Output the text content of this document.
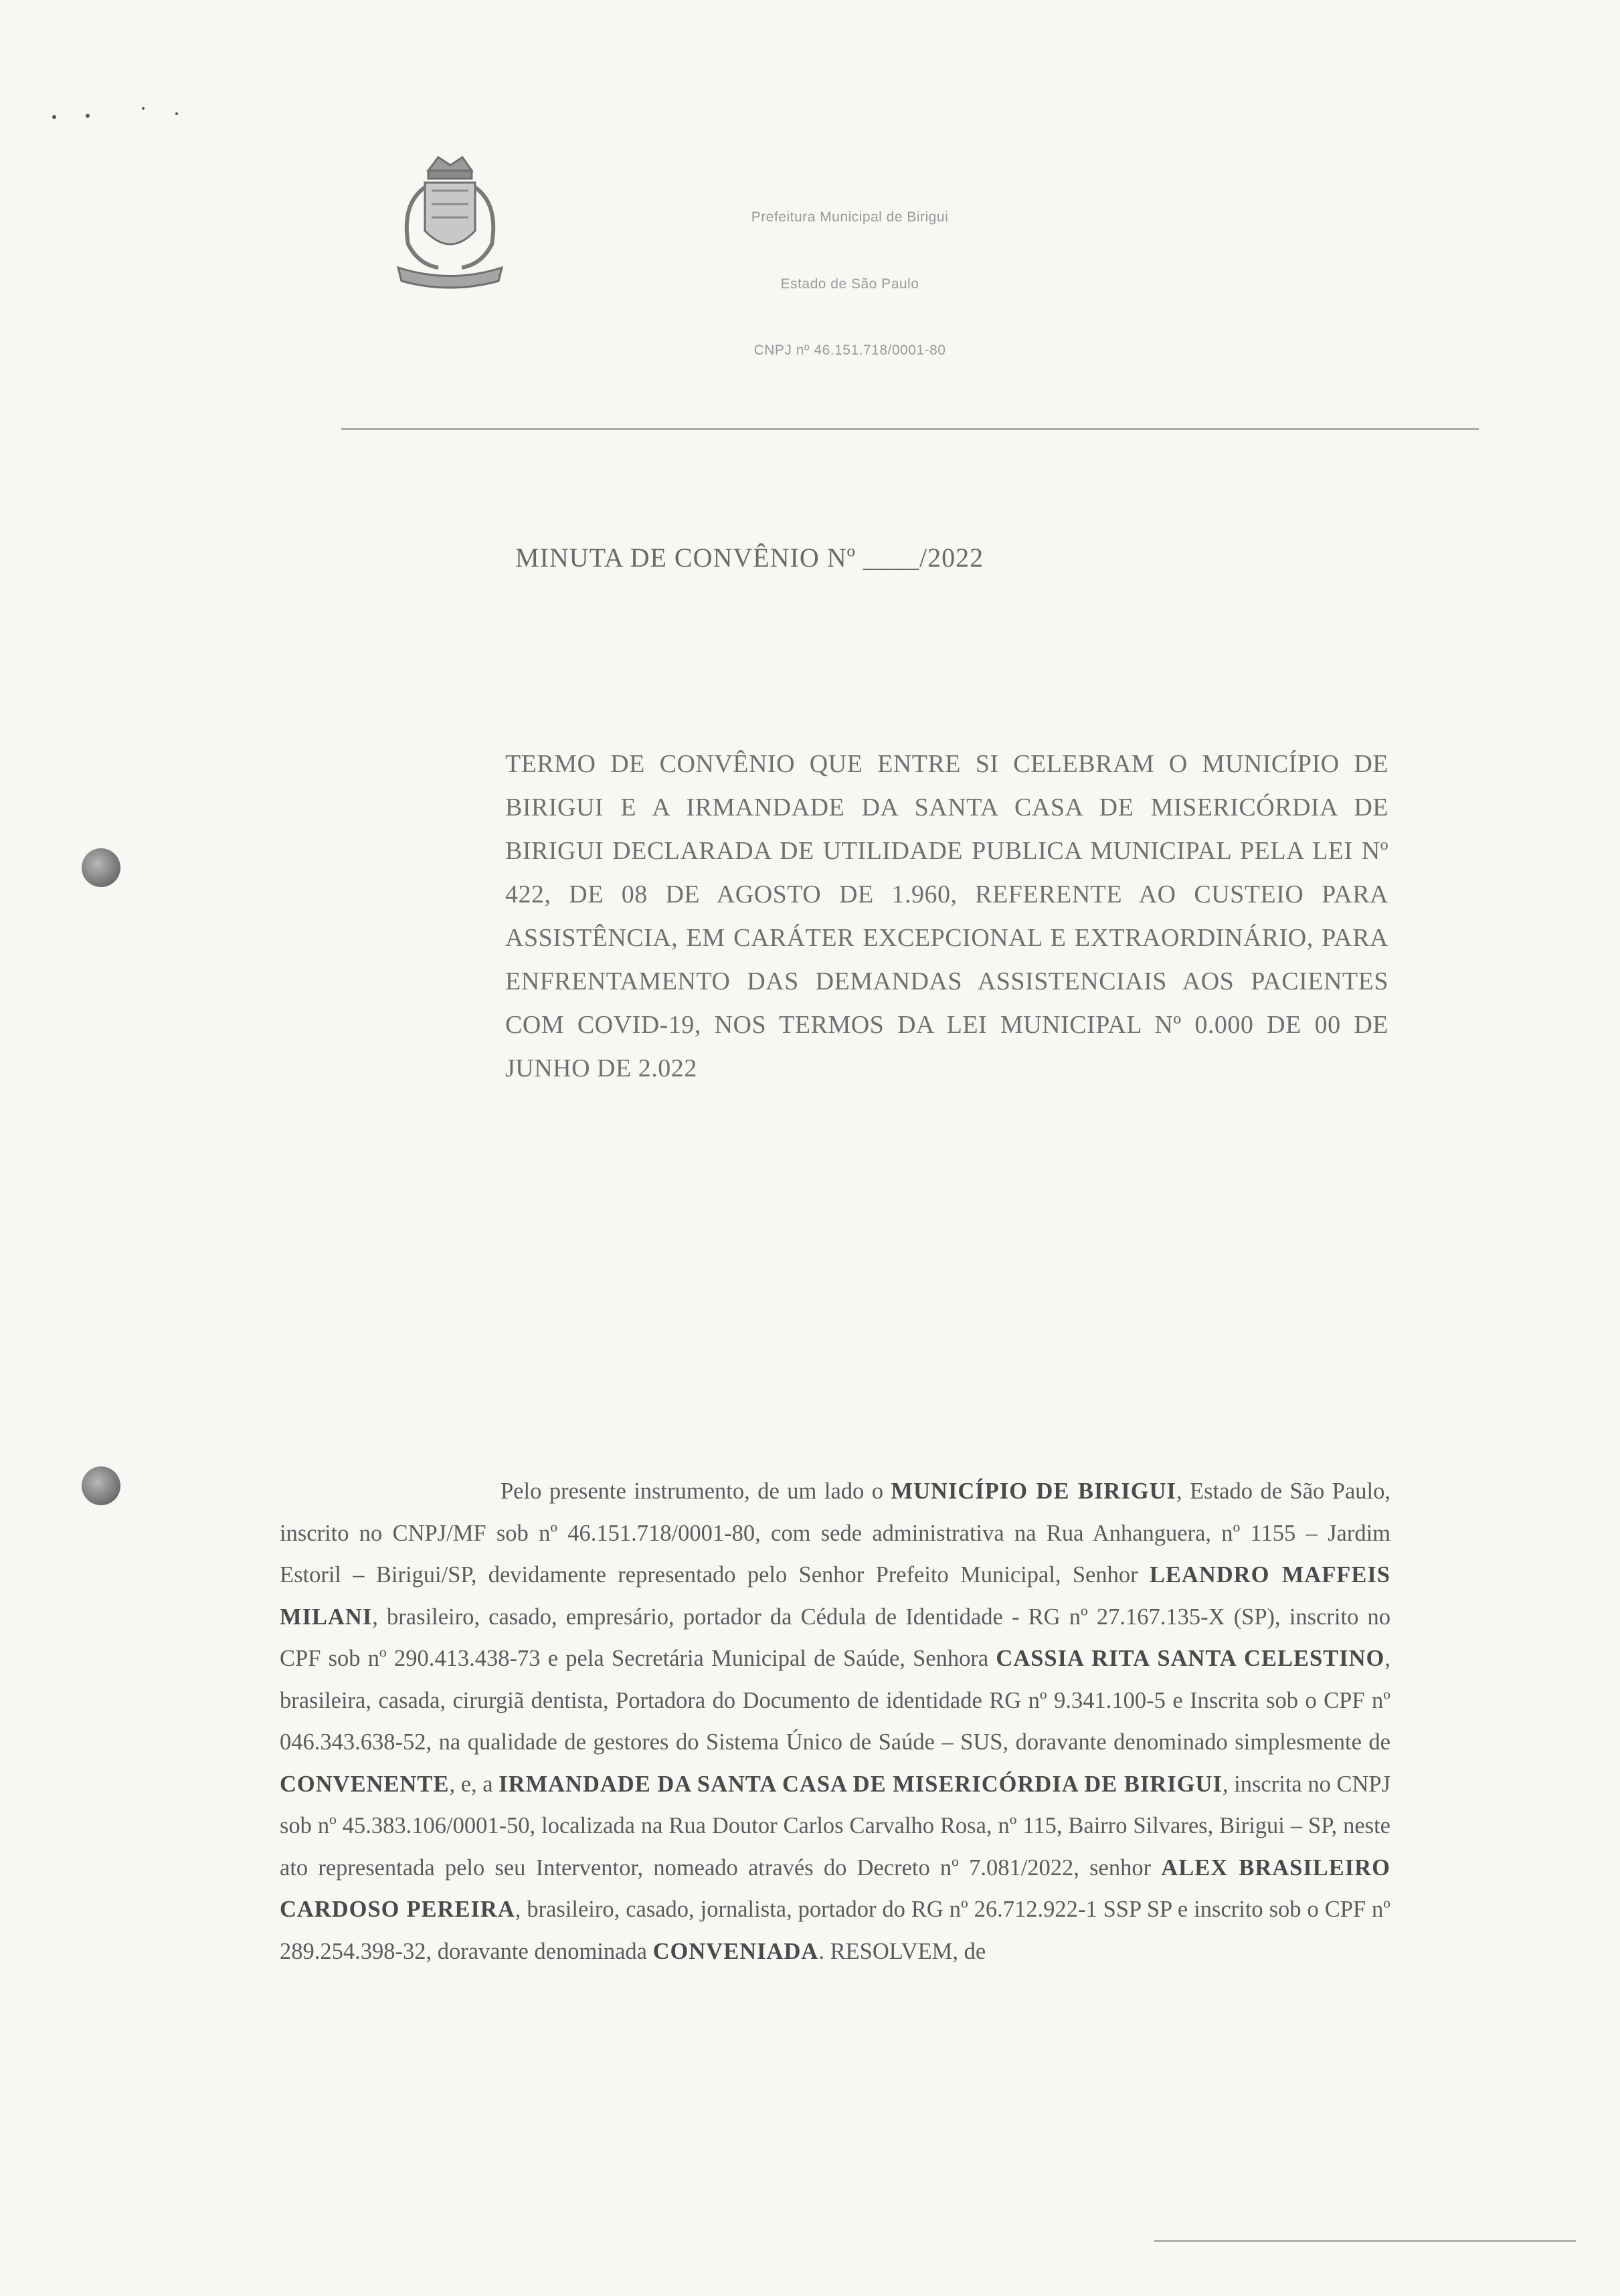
Prefeitura Municipal de Birigui
Estado de São Paulo
CNPJ nº 46.151.718/0001-80
MINUTA DE CONVÊNIO Nº ____/2022
TERMO DE CONVÊNIO QUE ENTRE SI CELEBRAM O MUNICÍPIO DE BIRIGUI E A IRMANDADE DA SANTA CASA DE MISERICÓRDIA DE BIRIGUI DECLARADA DE UTILIDADE PUBLICA MUNICIPAL PELA LEI Nº 422, DE 08 DE AGOSTO DE 1.960, REFERENTE AO CUSTEIO PARA ASSISTÊNCIA, EM CARÁTER EXCEPCIONAL E EXTRAORDINÁRIO, PARA ENFRENTAMENTO DAS DEMANDAS ASSISTENCIAIS AOS PACIENTES COM COVID-19, NOS TERMOS DA LEI MUNICIPAL Nº 0.000 DE 00 DE JUNHO DE 2.022
Pelo presente instrumento, de um lado o MUNICÍPIO DE BIRIGUI, Estado de São Paulo, inscrito no CNPJ/MF sob nº 46.151.718/0001-80, com sede administrativa na Rua Anhanguera, nº 1155 – Jardim Estoril – Birigui/SP, devidamente representado pelo Senhor Prefeito Municipal, Senhor LEANDRO MAFFEIS MILANI, brasileiro, casado, empresário, portador da Cédula de Identidade - RG nº 27.167.135-X (SP), inscrito no CPF sob nº 290.413.438-73 e pela Secretária Municipal de Saúde, Senhora CASSIA RITA SANTA CELESTINO, brasileira, casada, cirurgiã dentista, Portadora do Documento de identidade RG nº 9.341.100-5 e Inscrita sob o CPF nº 046.343.638-52, na qualidade de gestores do Sistema Único de Saúde – SUS, doravante denominado simplesmente de CONVENENTE, e, a IRMANDADE DA SANTA CASA DE MISERICÓRDIA DE BIRIGUI, inscrita no CNPJ sob nº 45.383.106/0001-50, localizada na Rua Doutor Carlos Carvalho Rosa, nº 115, Bairro Silvares, Birigui – SP, neste ato representada pelo seu Interventor, nomeado através do Decreto nº 7.081/2022, senhor ALEX BRASILEIRO CARDOSO PEREIRA, brasileiro, casado, jornalista, portador do RG nº 26.712.922-1 SSP SP e inscrito sob o CPF nº 289.254.398-32, doravante denominada CONVENIADA. RESOLVEM, de
